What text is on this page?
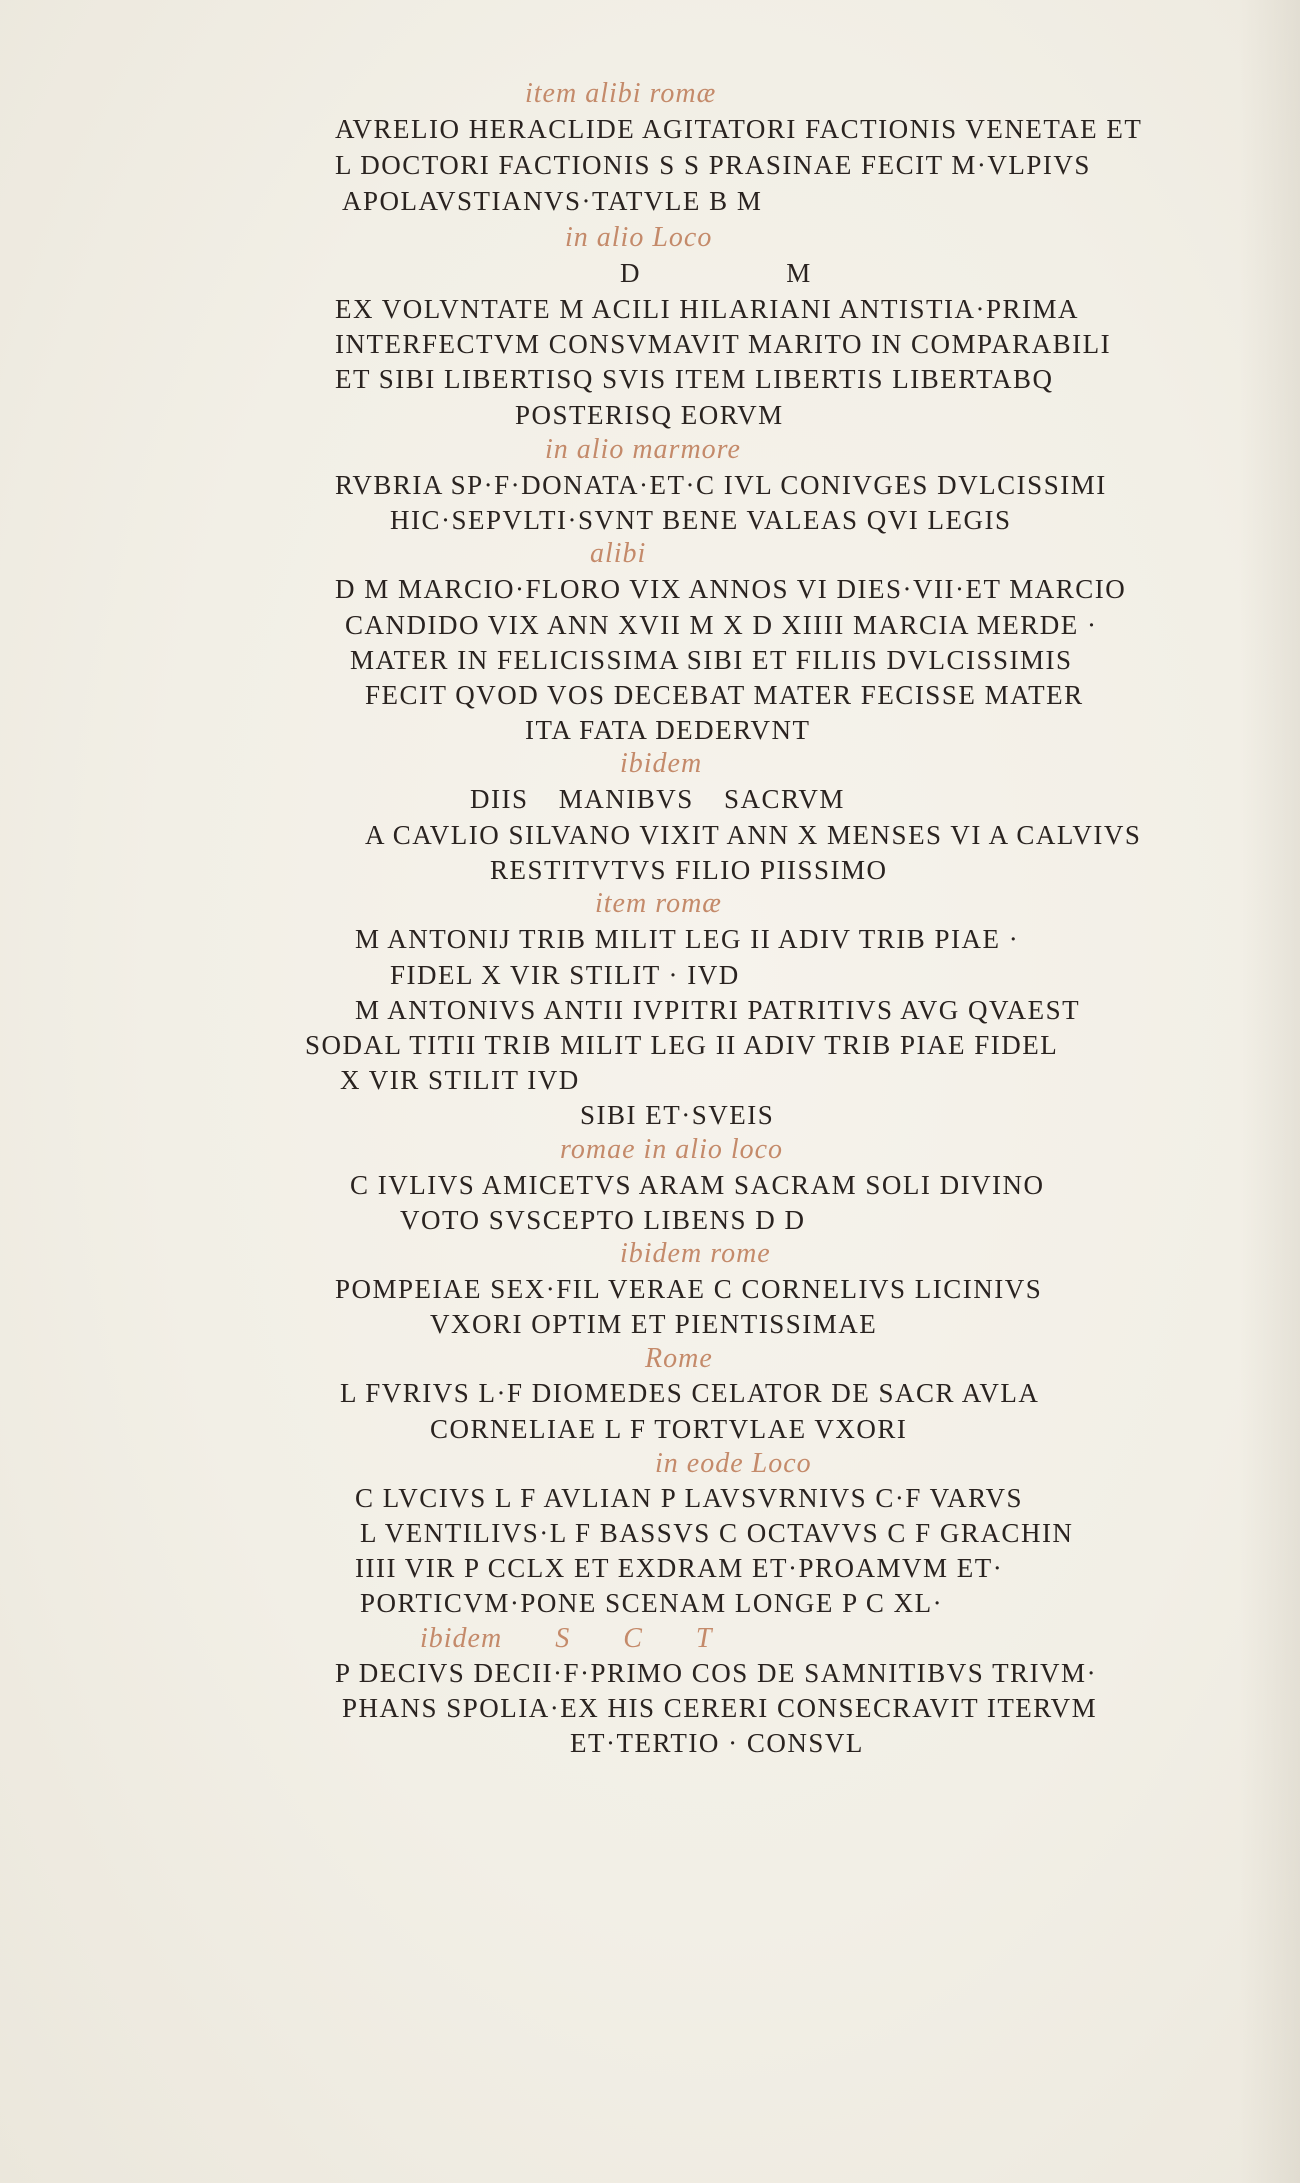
item alibi romæ
AVRELIO HERACLIDE AGITATORI FACTIONIS VENETAE ET
L DOCTORI FACTIONIS S S PRASINAE FECIT M·VLPIVS
APOLAVSTIANVS·TATVLE B M
in alio Loco
D M
EX VOLVNTATE M ACILI HILARIANI ANTISTIA·PRIMA
INTERFECTVM CONSVMAVIT MARITO IN COMPARABILI
ET SIBI LIBERTISQ SVIS ITEM LIBERTIS LIBERTABQ
POSTERISQ EORVM
in alio marmore
RVBRIA SP·F·DONATA·ET·C IVL CONIVGES DVLCISSIMI
HIC·SEPVLTI·SVNT BENE VALEAS QVI LEGIS
alibi
D M MARCIO·FLORO VIX ANNOS VI DIES·VII·ET MARCIO
CANDIDO VIX ANN XVII M X D XIIII MARCIA MERDE ·
MATER IN FELICISSIMA SIBI ET FILIIS DVLCISSIMIS
FECIT QVOD VOS DECEBAT MATER FECISSE MATER
ITA FATA DEDERVNT
ibidem
DIIS MANIBVS SACRVM
A CAVLIO SILVANO VIXIT ANN X MENSES VI A CALVIVS
RESTITVTVS FILIO PIISSIMO
item romæ
M ANTONIJ TRIB MILIT LEG II ADIV TRIB PIAE ·
FIDEL X VIR STILIT · IVD
M ANTONIVS ANTII IVPITRI PATRITIVS AVG QVAEST
SODAL TITII TRIB MILIT LEG II ADIV TRIB PIAE FIDEL
X VIR STILIT IVD
SIBI ET·SVEIS
romae in alio loco
C IVLIVS AMICETVS ARAM SACRAM SOLI DIVINO
VOTO SVSCEPTO LIBENS D D
ibidem rome
POMPEIAE SEX·FIL VERAE C CORNELIVS LICINIVS
VXORI OPTIM ET PIENTISSIMAE
Rome
L FVRIVS L·F DIOMEDES CELATOR DE SACR AVLA
CORNELIAE L F TORTVLAE VXORI
in eode Loco
C LVCIVS L F AVLIAN P LAVSVRNIVS C·F VARVS
L VENTILIVS·L F BASSVS C OCTAVVS C F GRACHIN
IIII VIR P CCLX ET EXDRAM ET·PROAMVM ET·
PORTICVM·PONE SCENAM LONGE P C XL·
ibidem S C T
P DECIVS DECII·F·PRIMO COS DE SAMNITIBVS TRIVM·
PHANS SPOLIA·EX HIS CERERI CONSECRAVIT ITERVM
ET·TERTIO · CONSVL
